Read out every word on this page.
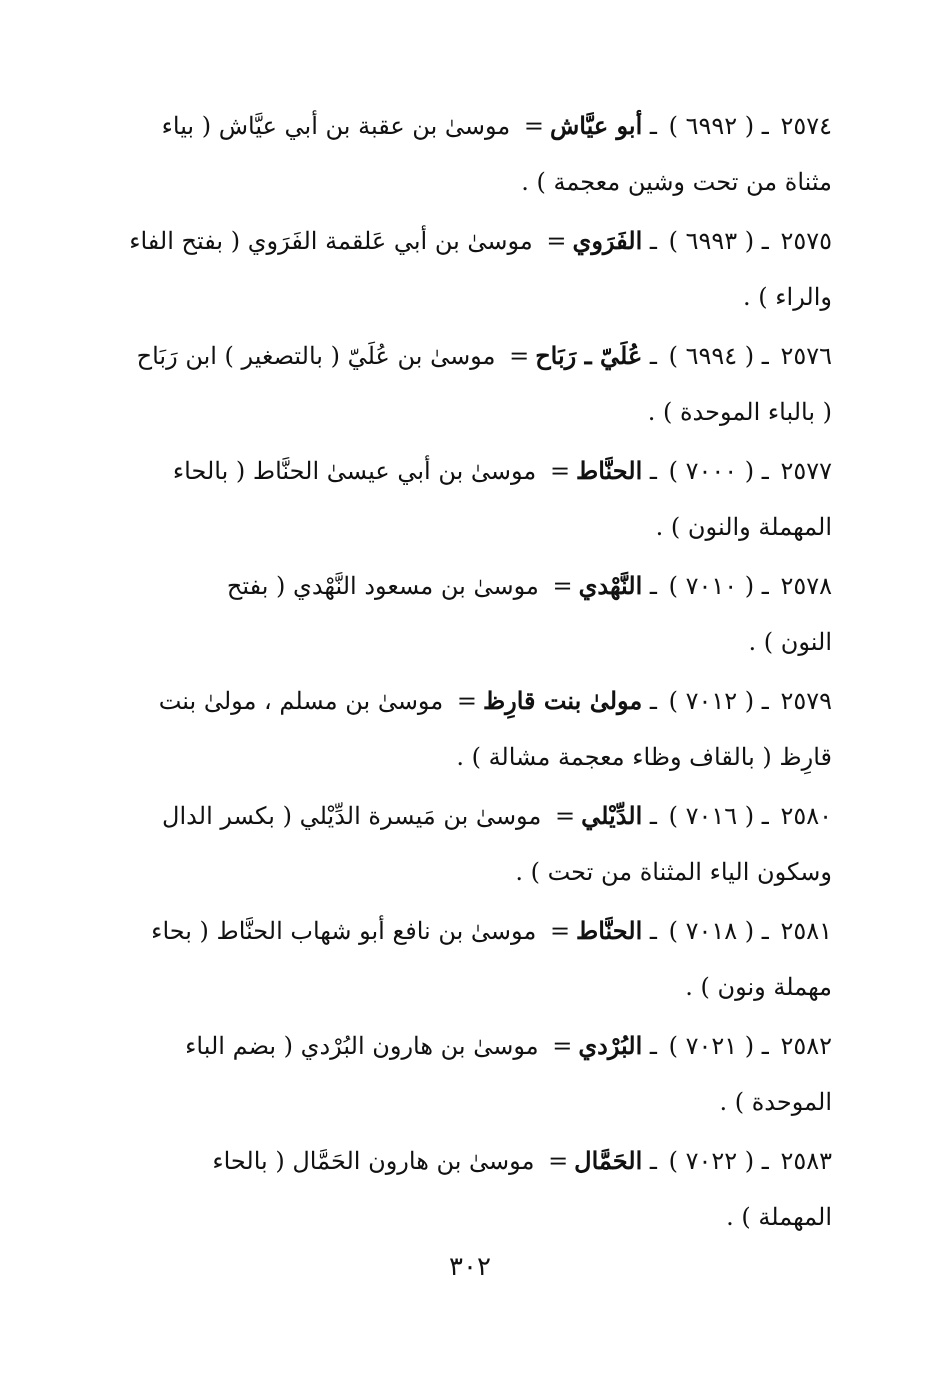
٢٥٧٤ ـ ( ٦٩٩٢ ) ـ أبو عيَّاش= موسىٰ بن عقبة بن أبي عيَّاش ( بياء
مثناة من تحت وشين معجمة ) .
٢٥٧٥ ـ ( ٦٩٩٣ ) ـ الفَرَوي= موسىٰ بن أبي عَلقمة الفَرَوي ( بفتح الفاء
والراء ) .
٢٥٧٦ ـ ( ٦٩٩٤ ) ـ عُلَيّ ـ رَبَاح= موسىٰ بن عُلَيّ ( بالتصغير ) ابن رَبَاح
( بالباء الموحدة ) .
٢٥٧٧ ـ ( ٧٠٠٠ ) ـ الحنَّاط= موسىٰ بن أبي عيسىٰ الحنَّاط ( بالحاء
المهملة والنون ) .
٢٥٧٨ ـ ( ٧٠١٠ ) ـ النَّهْدي= موسىٰ بن مسعود النَّهْدي ( بفتح
النون ) .
٢٥٧٩ ـ ( ٧٠١٢ ) ـ مولىٰ بنت قارِظ= موسىٰ بن مسلم ، مولىٰ بنت
قارِظ ( بالقاف وظاء معجمة مشالة ) .
٢٥٨٠ ـ ( ٧٠١٦ ) ـ الدِّيْلي= موسىٰ بن مَيسرة الدِّيْلي ( بكسر الدال
وسكون الياء المثناة من تحت ) .
٢٥٨١ ـ ( ٧٠١٨ ) ـ الحنَّاط= موسىٰ بن نافع أبو شهاب الحنَّاط ( بحاء
مهملة ونون ) .
٢٥٨٢ ـ ( ٧٠٢١ ) ـ البُرْدي= موسىٰ بن هارون البُرْدي ( بضم الباء
الموحدة ) .
٢٥٨٣ ـ ( ٧٠٢٢ ) ـ الحَمَّال= موسىٰ بن هارون الحَمَّال ( بالحاء
المهملة ) .
٣٠٢
